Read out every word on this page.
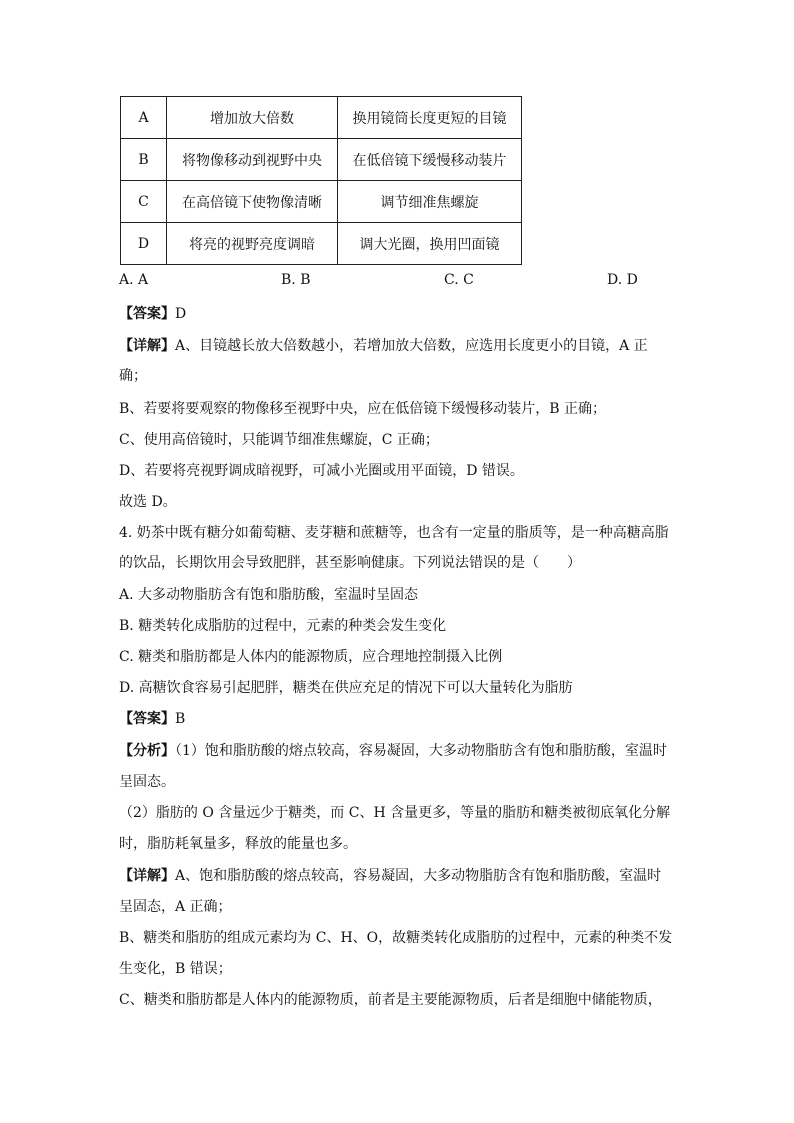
A	增加放大倍数	换用镜筒长度更短的目镜
B	将物像移动到视野中央	在低倍镜下缓慢移动装片
C	在高倍镜下使物像清晰	调节细准焦螺旋
D	将亮的视野亮度调暗	调大光圈，换用凹面镜
A. A	B. B	C. C	D. D
【答案】D
【详解】A、目镜越长放大倍数越小，若增加放大倍数，应选用长度更小的目镜，A 正
确；
B、若要将要观察的物像移至视野中央，应在低倍镜下缓慢移动装片，B 正确；
C、使用高倍镜时，只能调节细准焦螺旋，C 正确；
D、若要将亮视野调成暗视野，可减小光圈或用平面镜，D 错误。
故选 D。
4. 奶茶中既有糖分如葡萄糖、麦芽糖和蔗糖等，也含有一定量的脂质等，是一种高糖高脂
的饮品，长期饮用会导致肥胖，甚至影响健康。下列说法错误的是（　　）
A. 大多动物脂肪含有饱和脂肪酸，室温时呈固态
B. 糖类转化成脂肪的过程中，元素的种类会发生变化
C. 糖类和脂肪都是人体内的能源物质，应合理地控制摄入比例
D. 高糖饮食容易引起肥胖，糖类在供应充足的情况下可以大量转化为脂肪
【答案】B
【分析】（1）饱和脂肪酸的熔点较高，容易凝固，大多动物脂肪含有饱和脂肪酸，室温时
呈固态。
（2）脂肪的 O 含量远少于糖类，而 C、H 含量更多，等量的脂肪和糖类被彻底氧化分解
时，脂肪耗氧量多，释放的能量也多。
【详解】A、饱和脂肪酸的熔点较高，容易凝固，大多动物脂肪含有饱和脂肪酸，室温时
呈固态，A 正确；
B、糖类和脂肪的组成元素均为 C、H、O，故糖类转化成脂肪的过程中，元素的种类不发
生变化，B 错误；
C、糖类和脂肪都是人体内的能源物质，前者是主要能源物质，后者是细胞中储能物质，
